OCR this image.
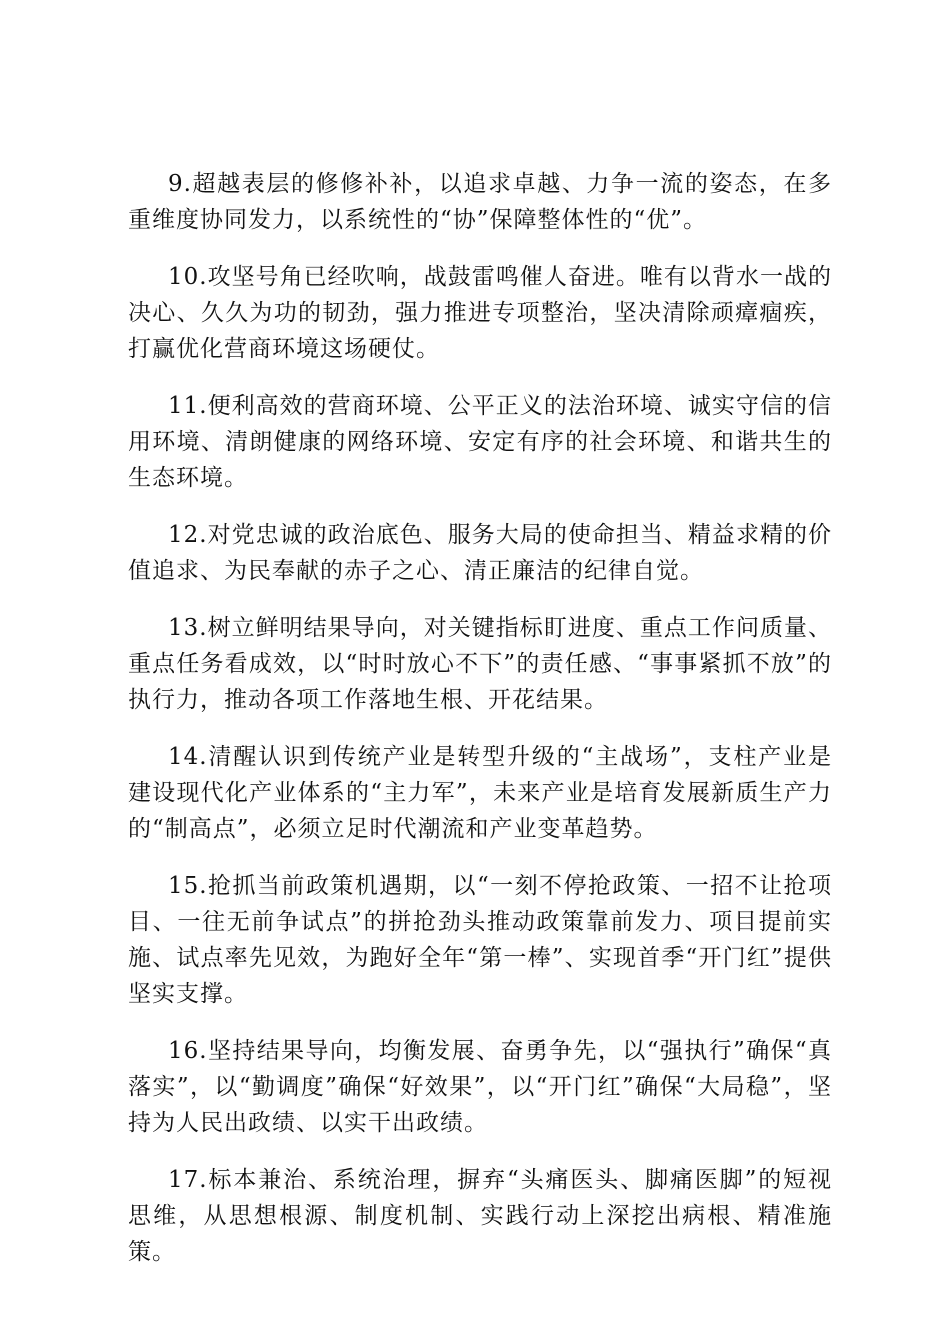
9.超越表层的修修补补，以追求卓越、力争一流的姿态，在多重维度协同发力，以系统性的“协”保障整体性的“优”。

10.攻坚号角已经吹响，战鼓雷鸣催人奋进。唯有以背水一战的决心、久久为功的韧劲，强力推进专项整治，坚决清除顽瘴痼疾，打赢优化营商环境这场硬仗。

11.便利高效的营商环境、公平正义的法治环境、诚实守信的信用环境、清朗健康的网络环境、安定有序的社会环境、和谐共生的生态环境。

12.对党忠诚的政治底色、服务大局的使命担当、精益求精的价值追求、为民奉献的赤子之心、清正廉洁的纪律自觉。

13.树立鲜明结果导向，对关键指标盯进度、重点工作问质量、重点任务看成效，以“时时放心不下”的责任感、“事事紧抓不放”的执行力，推动各项工作落地生根、开花结果。

14.清醒认识到传统产业是转型升级的“主战场”，支柱产业是建设现代化产业体系的“主力军”，未来产业是培育发展新质生产力的“制高点”，必须立足时代潮流和产业变革趋势。

15.抢抓当前政策机遇期，以“一刻不停抢政策、一招不让抢项目、一往无前争试点”的拼抢劲头推动政策靠前发力、项目提前实施、试点率先见效，为跑好全年“第一棒”、实现首季“开门红”提供坚实支撑。

16.坚持结果导向，均衡发展、奋勇争先，以“强执行”确保“真落实”，以“勤调度”确保“好效果”，以“开门红”确保“大局稳”，坚持为人民出政绩、以实干出政绩。

17.标本兼治、系统治理，摒弃“头痛医头、脚痛医脚”的短视思维，从思想根源、制度机制、实践行动上深挖出病根、精准施策。
